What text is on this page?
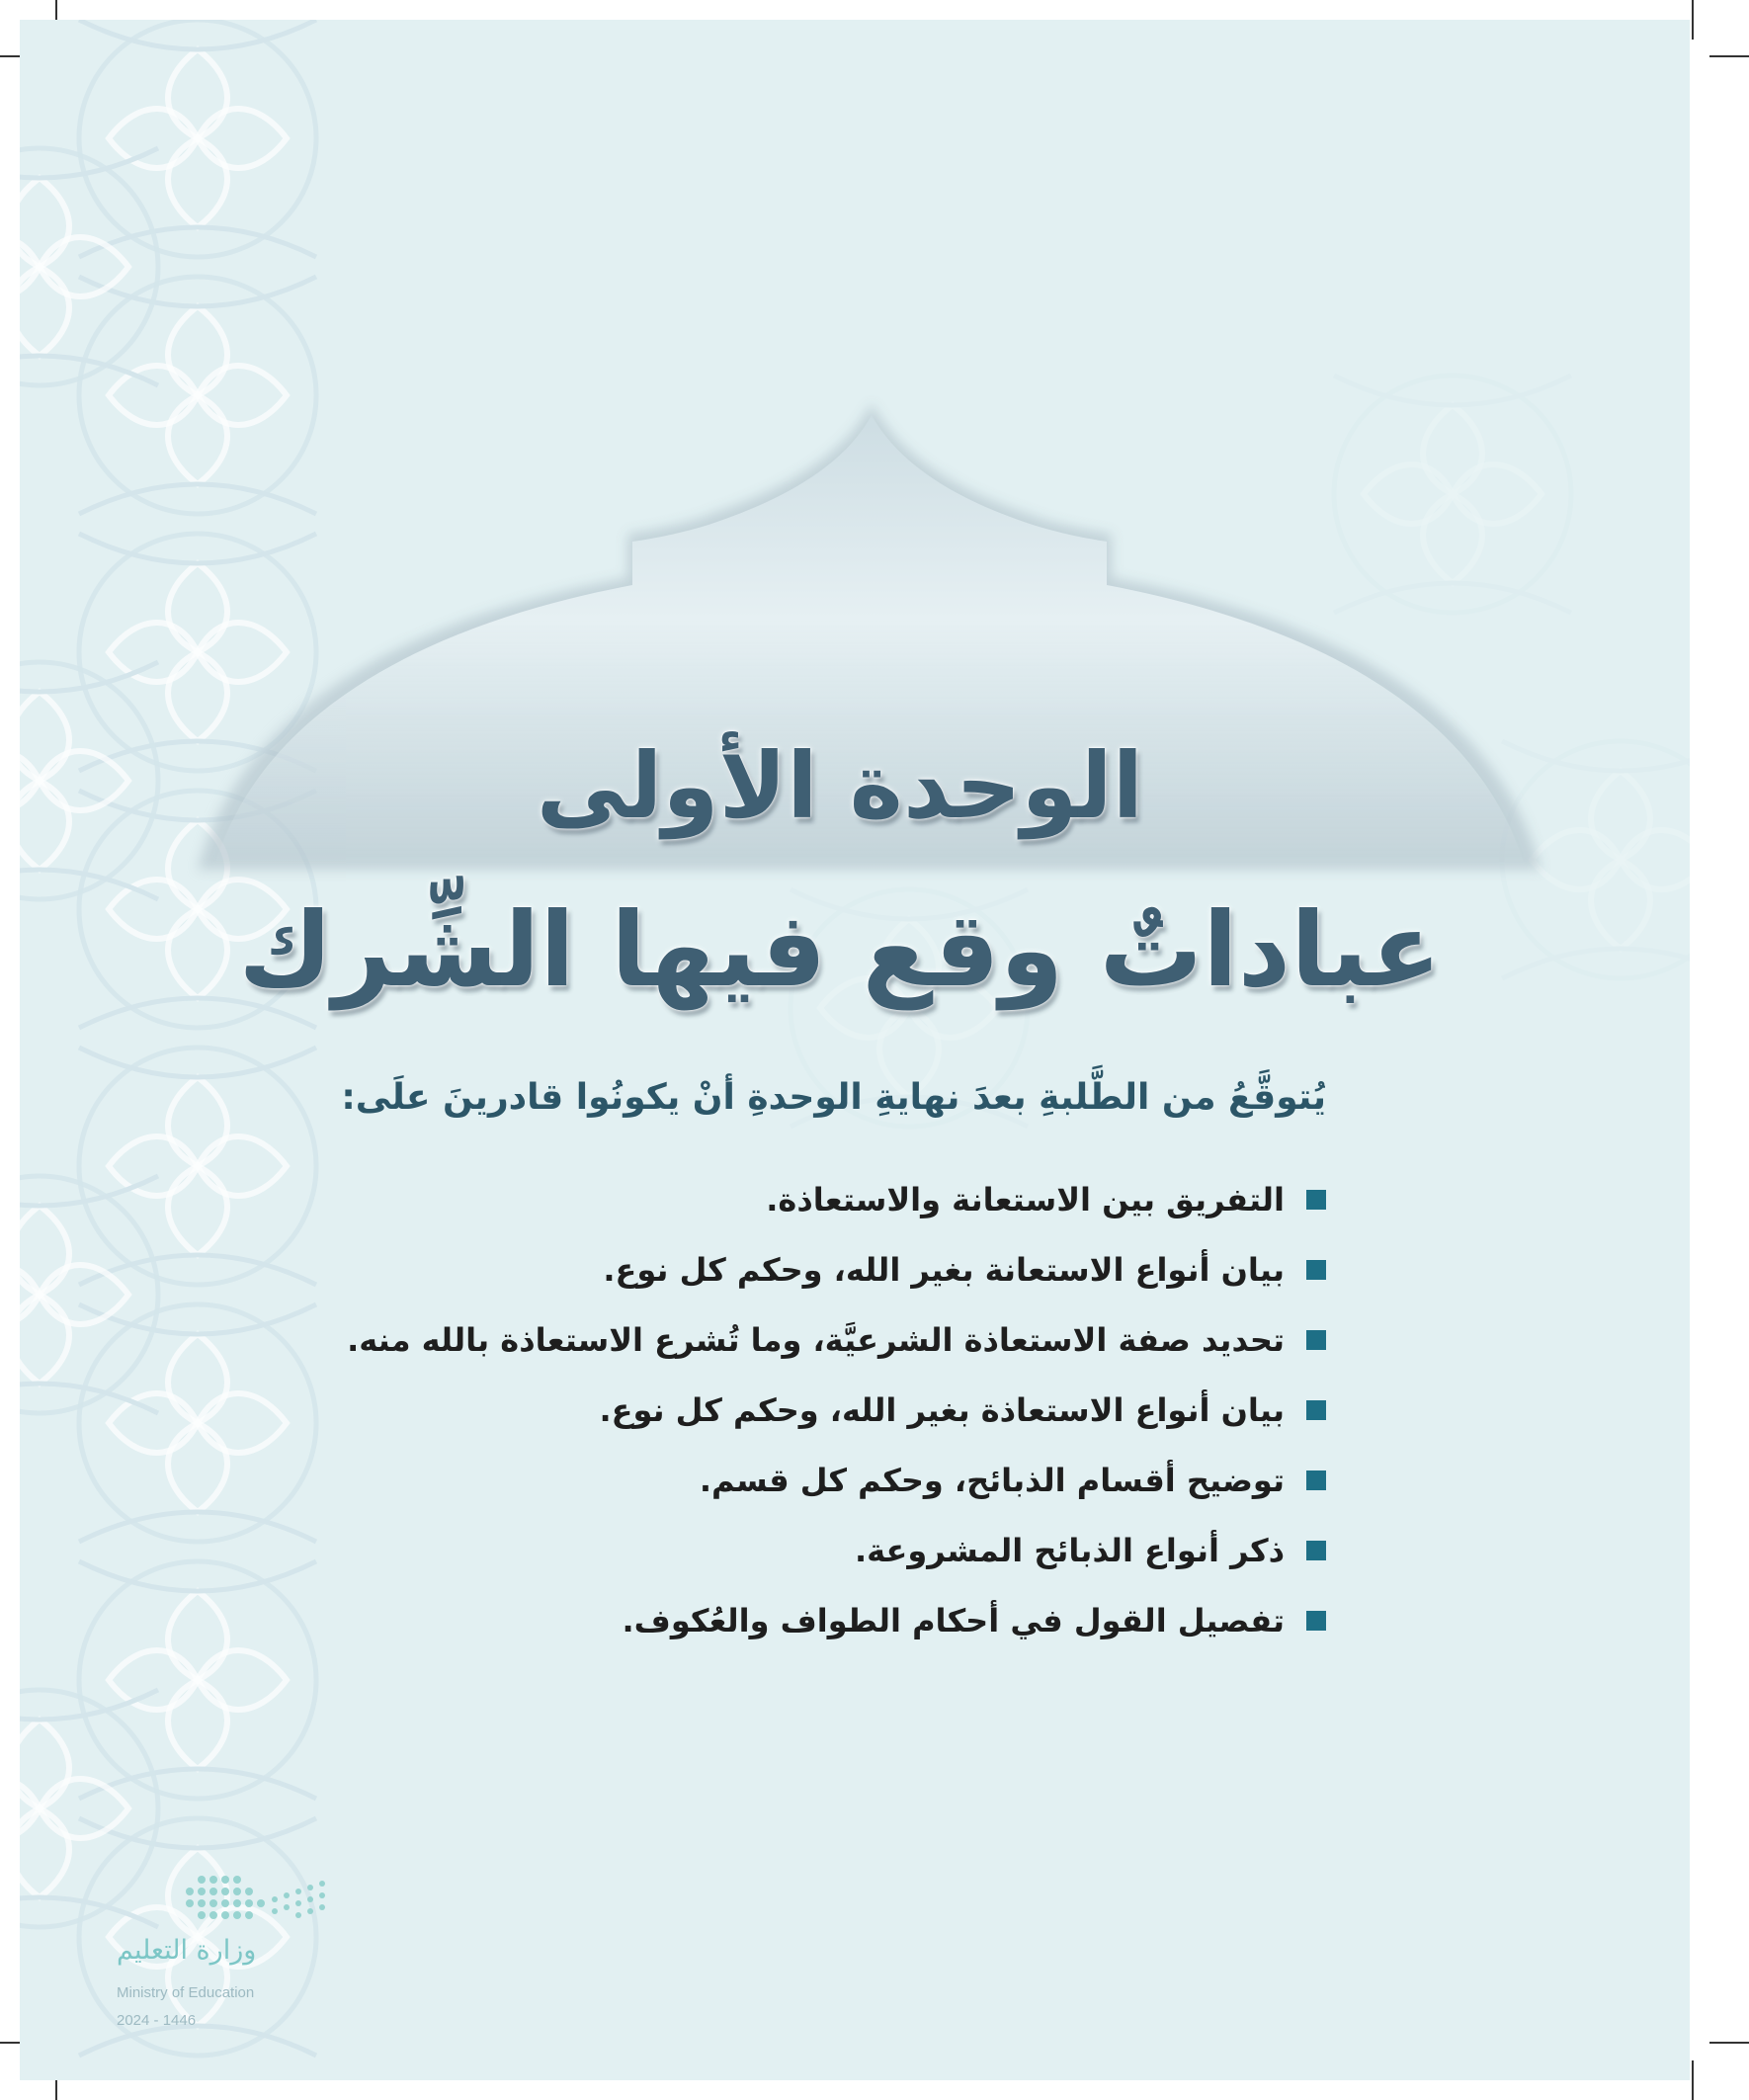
الوحدة الأولى
عباداتٌ وقع فيها الشِّرك
يُتوقَّعُ من الطَّلبةِ بعدَ نهايةِ الوحدةِ أنْ يكونُوا قادرينَ علَى:
التفريق بين الاستعانة والاستعاذة.
بيان أنواع الاستعانة بغير الله، وحكم كل نوع.
تحديد صفة الاستعاذة الشرعيَّة، وما تُشرع الاستعاذة بالله منه.
بيان أنواع الاستعاذة بغير الله، وحكم كل نوع.
توضيح أقسام الذبائح، وحكم كل قسم.
ذكر أنواع الذبائح المشروعة.
تفصيل القول في أحكام الطواف والعُكوف.
وزارة التعليم
Ministry of Education
2024 - 1446
